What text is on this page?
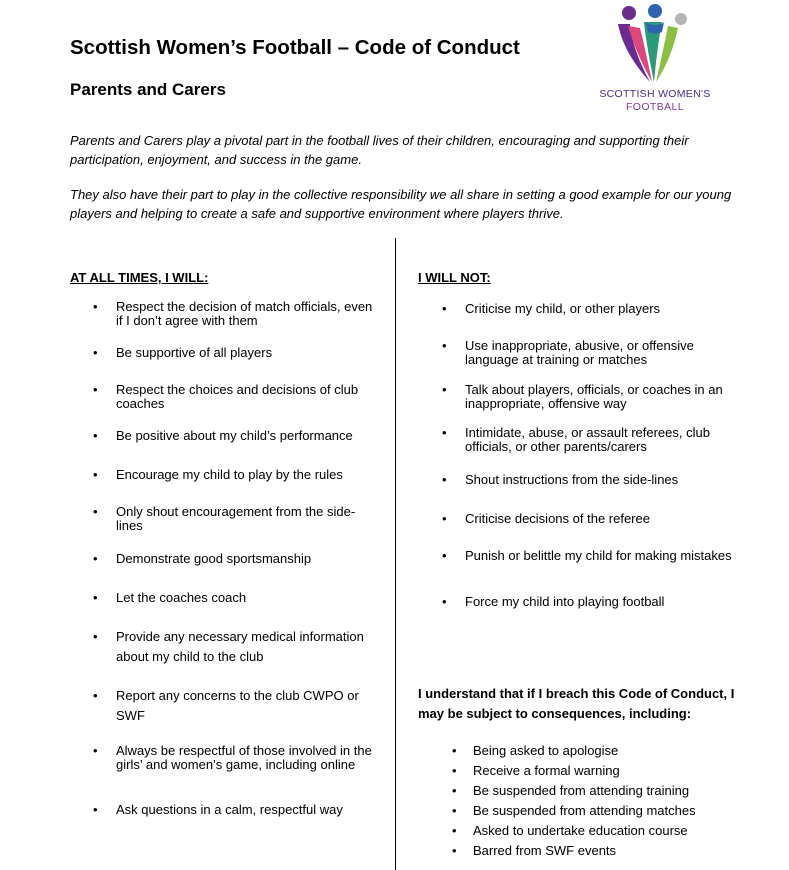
Scottish Women’s Football – Code of Conduct
Parents and Carers	SCOTTISH WOMEN'S
FOOTBALL

Parents and Carers play a pivotal part in the football lives of their children, encouraging and supporting their participation, enjoyment, and success in the game.

They also have their part to play in the collective responsibility we all share in setting a good example for our young players and helping to create a safe and supportive environment where players thrive.

AT ALL TIMES, I WILL:	I WILL NOT:
•	Respect the decision of match officials, even if I don’t agree with them
•	Be supportive of all players
•	Respect the choices and decisions of club coaches
•	Be positive about my child’s performance
•	Encourage my child to play by the rules
•	Only shout encouragement from the side-lines
•	Demonstrate good sportsmanship
•	Let the coaches coach
•	Provide any necessary medical information about my child to the club
•	Report any concerns to the club CWPO or SWF
•	Always be respectful of those involved in the girls’ and women’s game, including online
•	Ask questions in a calm, respectful way
•	Criticise my child, or other players
•	Use inappropriate, abusive, or offensive language at training or matches
•	Talk about players, officials, or coaches in an inappropriate, offensive way
•	Intimidate, abuse, or assault referees, club officials, or other parents/carers
•	Shout instructions from the side-lines
•	Criticise decisions of the referee
•	Punish or belittle my child for making mistakes
•	Force my child into playing football

I understand that if I breach this Code of Conduct, I may be subject to consequences, including:

• Being asked to apologise
• Receive a formal warning
• Be suspended from attending training
• Be suspended from attending matches
• Asked to undertake education course
• Barred from SWF events
